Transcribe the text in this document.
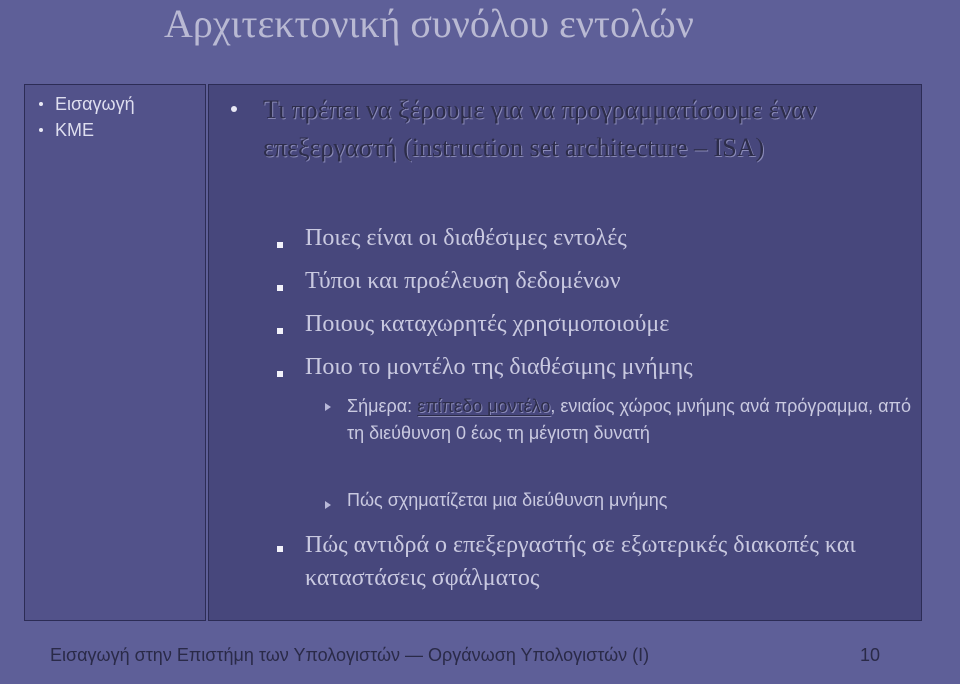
Αρχιτεκτονική συνόλου εντολών
Εισαγωγή
ΚΜΕ
Τι πρέπει να ξέρουμε για να προγραμματίσουμε έναν επεξεργαστή (instruction set architecture – ISA)
Ποιες είναι οι διαθέσιμες εντολές
Τύποι και προέλευση δεδομένων
Ποιους καταχωρητές χρησιμοποιούμε
Ποιο το μοντέλο της διαθέσιμης μνήμης
Σήμερα: επίπεδο μοντέλο, ενιαίος χώρος μνήμης ανά πρόγραμμα, από τη διεύθυνση 0 έως τη μέγιστη δυνατή
Πώς σχηματίζεται μια διεύθυνση μνήμης
Πώς αντιδρά ο επεξεργαστής σε εξωτερικές διακοπές και καταστάσεις σφάλματος
Εισαγωγή στην Επιστήμη των Υπολογιστών — Οργάνωση Υπολογιστών (Ι)	10
